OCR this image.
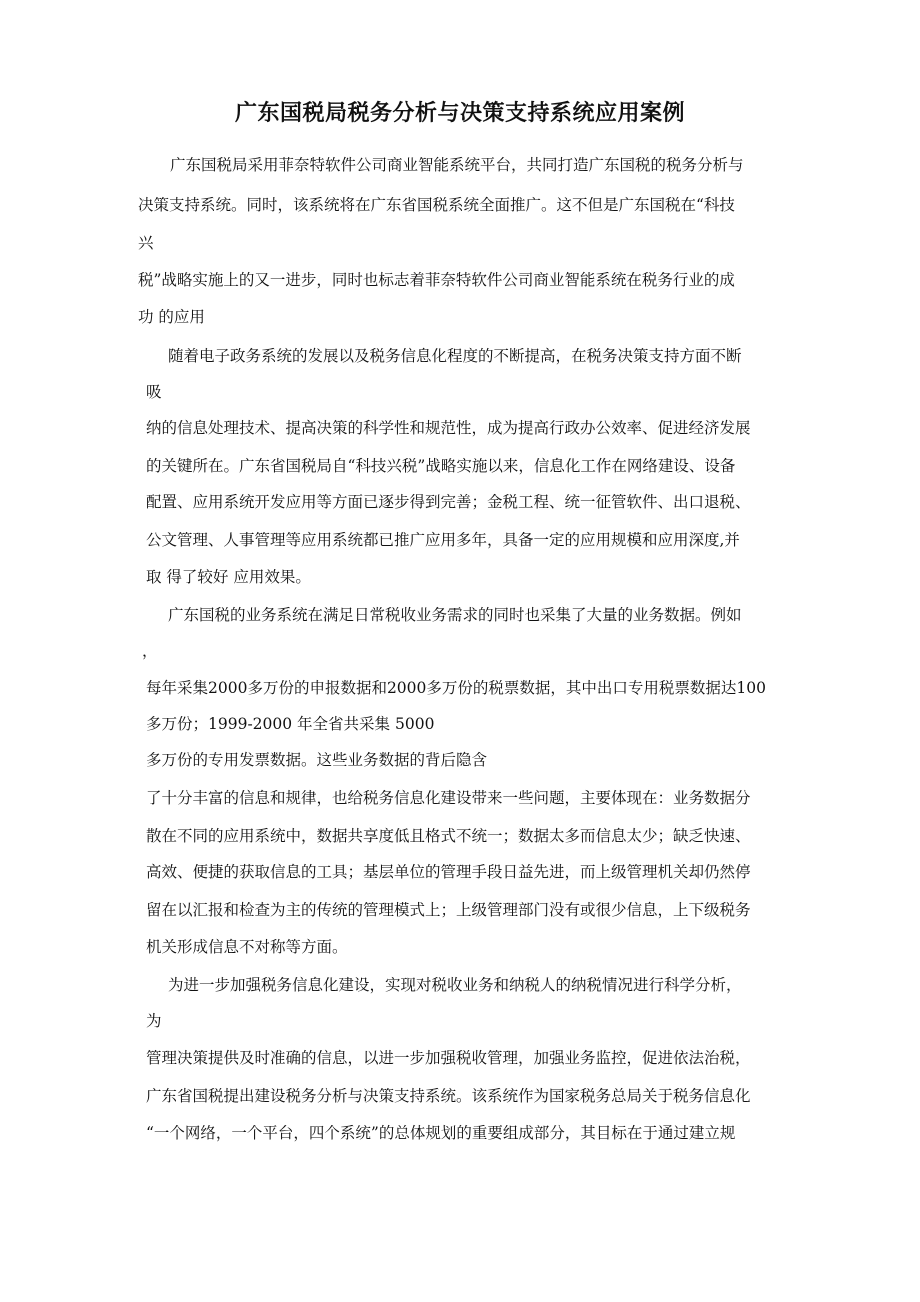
广东国税局税务分析与决策支持系统应用案例
广东国税局采用菲奈特软件公司商业智能系统平台，共同打造广东国税的税务分析与
决策支持系统。同时，该系统将在广东省国税系统全面推广。这不但是广东国税在“科技
兴
税”战略实施上的又一进步，同时也标志着菲奈特软件公司商业智能系统在税务行业的成
功 的应用
随着电子政务系统的发展以及税务信息化程度的不断提高，在税务决策支持方面不断
吸
纳的信息处理技术、提高决策的科学性和规范性，成为提高行政办公效率、促进经济发展
的关键所在。广东省国税局自“科技兴税”战略实施以来，信息化工作在网络建设、设备
配置、应用系统开发应用等方面已逐步得到完善；金税工程、统一征管软件、出口退税、
公文管理、人事管理等应用系统都已推广应用多年，具备一定的应用规模和应用深度,并
取 得了较好 应用效果。
广东国税的业务系统在满足日常税收业务需求的同时也采集了大量的业务数据。例如
，
每年采集2000多万份的申报数据和2000多万份的税票数据，其中出口专用税票数据达100
多万份；1999-2000 年全省共采集 5000
多万份的专用发票数据。这些业务数据的背后隐含
了十分丰富的信息和规律，也给税务信息化建设带来一些问题，主要体现在：业务数据分
散在不同的应用系统中，数据共享度低且格式不统一；数据太多而信息太少；缺乏快速、
高效、便捷的获取信息的工具；基层单位的管理手段日益先进，而上级管理机关却仍然停
留在以汇报和检查为主的传统的管理模式上；上级管理部门没有或很少信息，上下级税务
机关形成信息不对称等方面。
为进一步加强税务信息化建设，实现对税收业务和纳税人的纳税情况进行科学分析，
为
管理决策提供及时准确的信息，以进一步加强税收管理，加强业务监控，促进依法治税，
广东省国税提出建设税务分析与决策支持系统。该系统作为国家税务总局关于税务信息化
“一个网络，一个平台，四个系统”的总体规划的重要组成部分，其目标在于通过建立规
